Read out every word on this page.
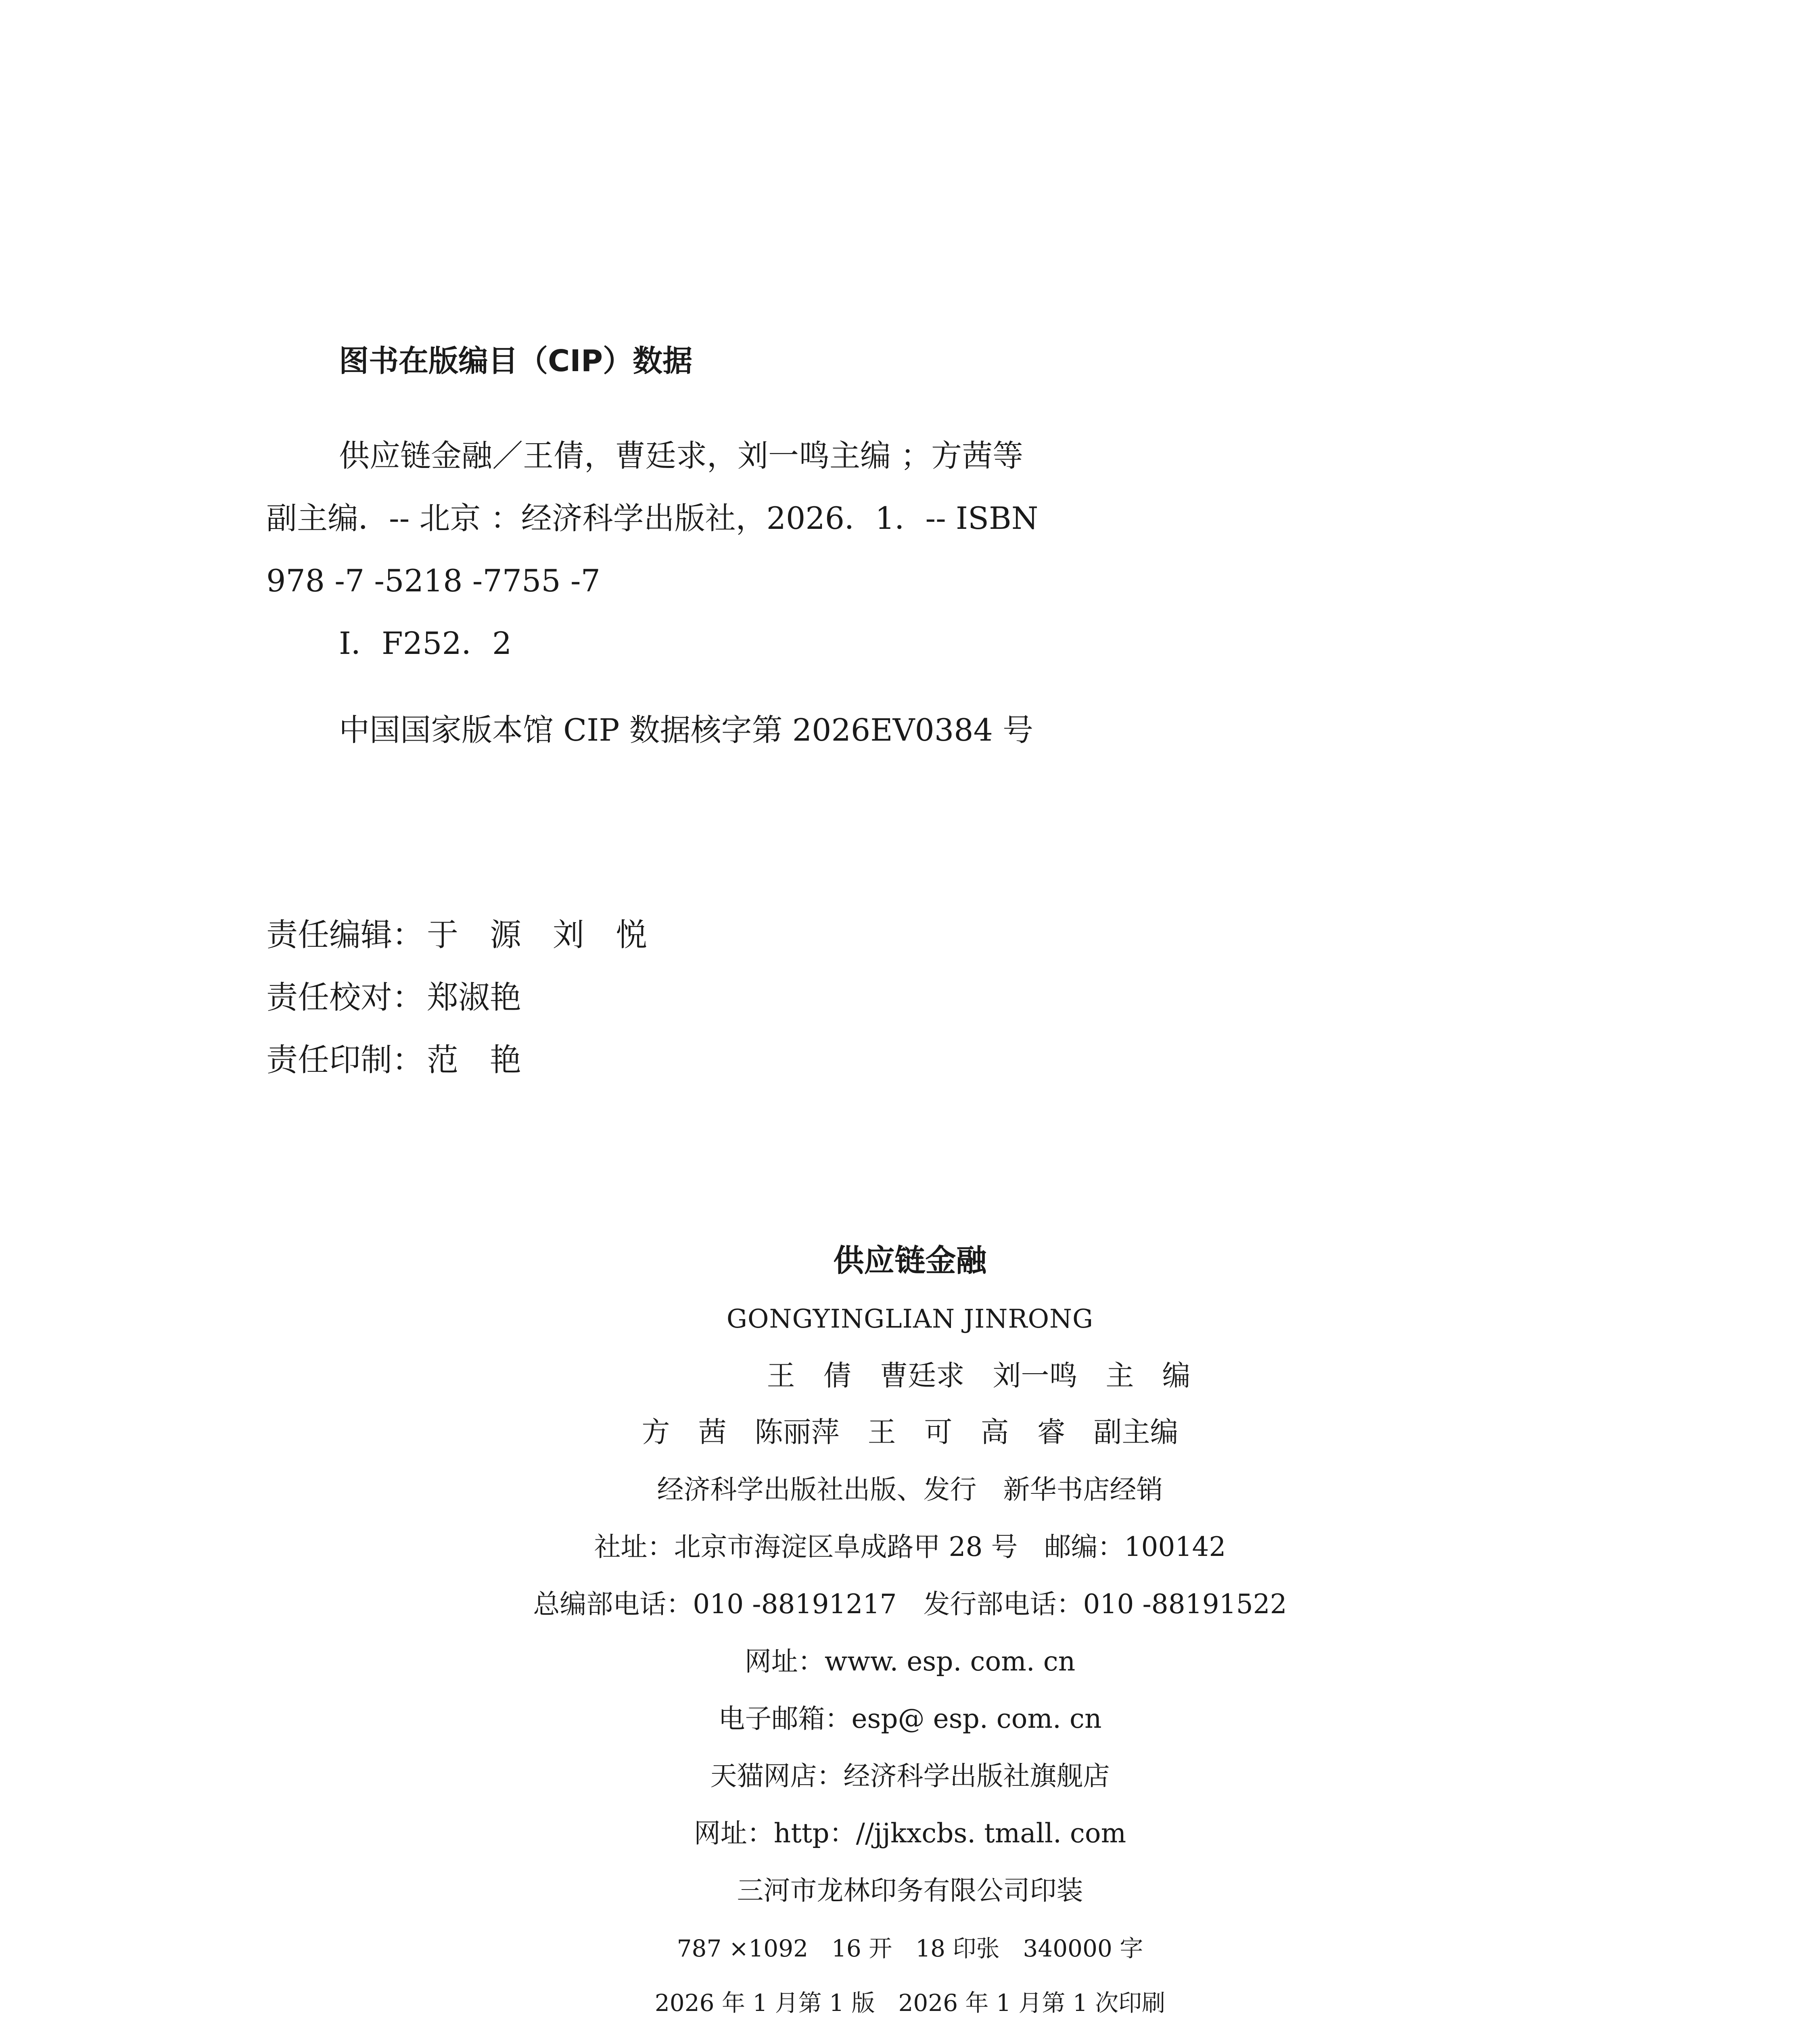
图书在版编目（CIP）数据
供应链金融／王倩，曹廷求，刘一鸣主编 ；方茜等
副主编．-- 北京 ：经济科学出版社，2026．1．-- ISBN
978 -7 -5218 -7755 -7
Ⅰ．F252．2
中国国家版本馆 CIP 数据核字第 2026EV0384 号
责任编辑： 于　源　刘　悦
责任校对： 郑淑艳
责任印制： 范　艳
供应链金融
GONGYINGLIAN JINRONG
王　倩　曹廷求　刘一鸣　主　编
方　茜　陈丽萍　王　可　高　睿　副主编
经济科学出版社出版、发行　新华书店经销
社址：北京市海淀区阜成路甲 28 号　邮编：100142
总编部电话：010 -88191217　发行部电话：010 -88191522
网址：www. esp. com. cn
电子邮箱：esp@ esp. com. cn
天猫网店：经济科学出版社旗舰店
网址：http：//jjkxcbs. tmall. com
三河市龙林印务有限公司印装
787 ×1092　16 开　18 印张　340000 字
2026 年 1 月第 1 版　2026 年 1 月第 1 次印刷
